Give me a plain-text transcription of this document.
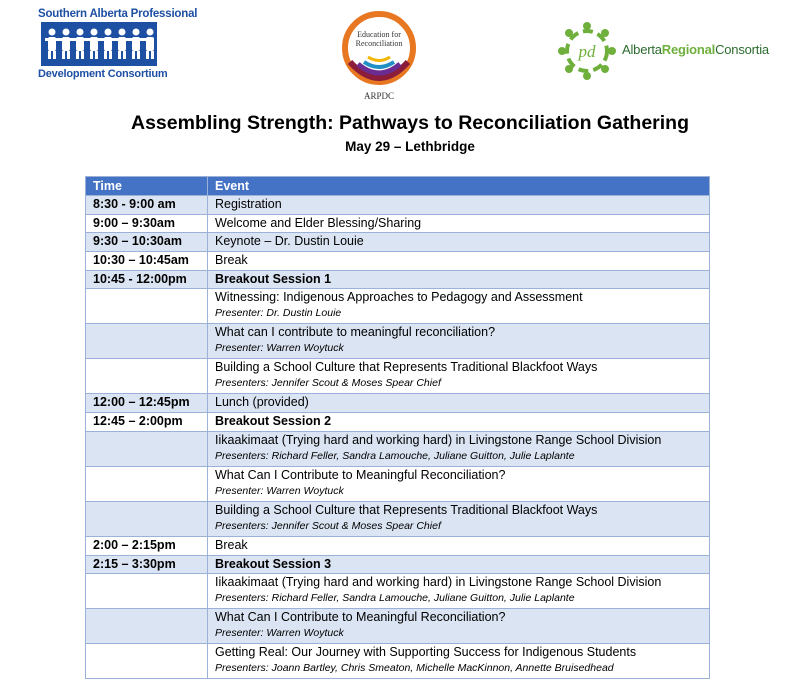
Southern Alberta Professional
Development Consortium
Education for Reconciliation
ARPDC
pd AlbertaRegionalConsortia
Assembling Strength: Pathways to Reconciliation Gathering
May 29 – Lethbridge
Time	Event
8:30 - 9:00 am	Registration

9:00 – 9:30am	Welcome and Elder Blessing/Sharing

9:30 – 10:30am	Keynote – Dr. Dustin Louie

10:30 – 10:45am	Break

10:45 - 12:00pm	Breakout Session 1

	Witnessing: Indigenous Approaches to Pedagogy and Assessment
Presenter: Dr. Dustin Louie

	What can I contribute to meaningful reconciliation?
Presenter: Warren Woytuck

	Building a School Culture that Represents Traditional Blackfoot Ways
Presenters: Jennifer Scout & Moses Spear Chief

12:00 – 12:45pm	Lunch (provided)

12:45 – 2:00pm	Breakout Session 2

	Iikaakimaat (Trying hard and working hard) in Livingstone Range School Division
Presenters: Richard Feller, Sandra Lamouche, Juliane Guitton, Julie Laplante

	What Can I Contribute to Meaningful Reconciliation?
Presenter: Warren Woytuck

	Building a School Culture that Represents Traditional Blackfoot Ways
Presenters: Jennifer Scout & Moses Spear Chief

2:00 – 2:15pm	Break

2:15 – 3:30pm	Breakout Session 3

	Iikaakimaat (Trying hard and working hard) in Livingstone Range School Division
Presenters: Richard Feller, Sandra Lamouche, Juliane Guitton, Julie Laplante

	What Can I Contribute to Meaningful Reconciliation?
Presenter: Warren Woytuck

	Getting Real: Our Journey with Supporting Success for Indigenous Students
Presenters: Joann Bartley, Chris Smeaton, Michelle MacKinnon, Annette Bruisedhead
